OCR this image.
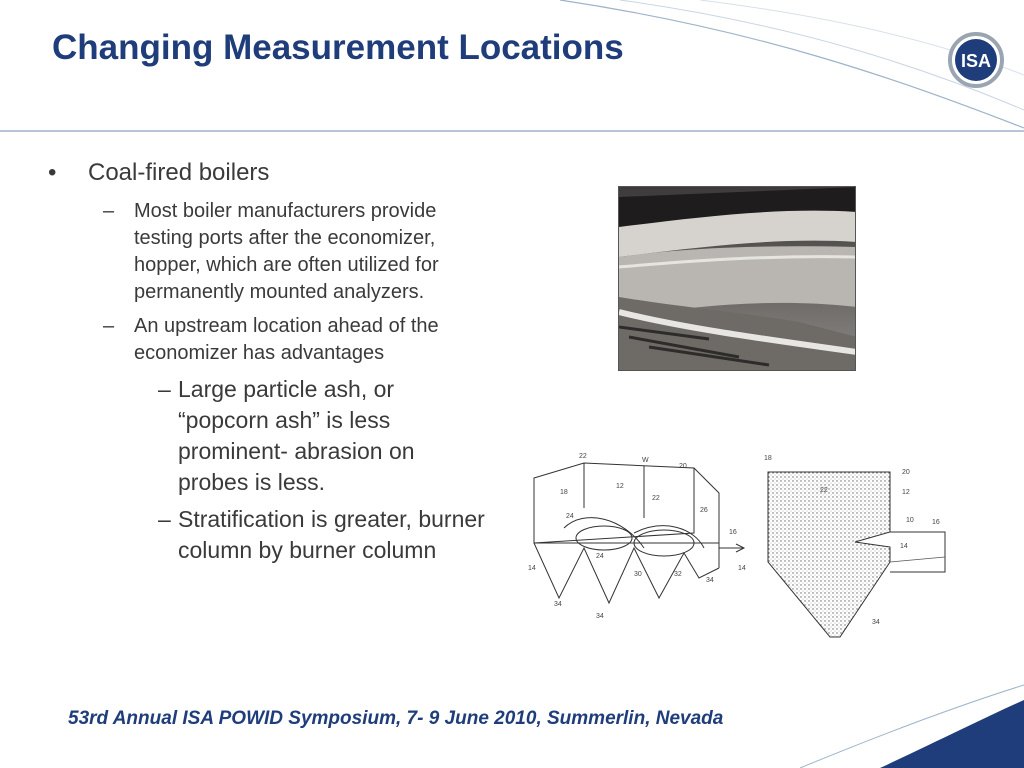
Changing Measurement Locations	ISA
• Coal-fired boilers
– Most boiler manufacturers provide testing ports after the economizer, hopper, which are often utilized for permanently mounted analyzers.
– An upstream location ahead of the economizer has advantages
– Large particle ash, or “popcorn ash” is less prominent- abrasion on probes is less.
– Stratification is greater, burner column by burner column
22
W
20
18
12
22
24
26
16
24
14
30	32
14
34
34
34
18
20
22	12
10	16
14
34
53rd Annual ISA POWID Symposium, 7- 9 June 2010, Summerlin, Nevada
